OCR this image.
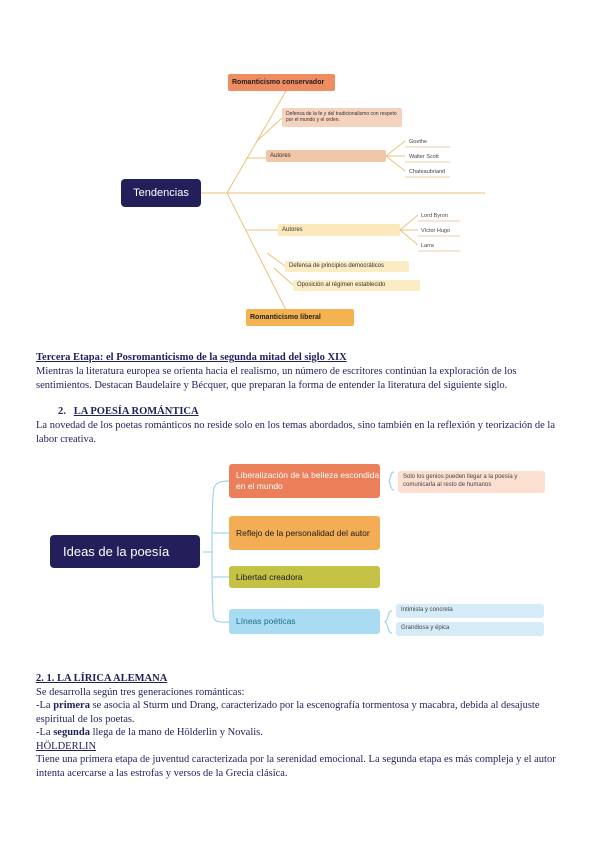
Tendencias
Romanticismo conservador
Defensa de la fe y del tradicionalismo con respeto por el mundo y el orden.
Autores
Goethe
Walter Scott
Chateaubriand
Autores
Lord Byron
Víctor Hugo
Larra
Defensa de principios democráticos
Oposición al régimen establecido
Romanticismo liberal
Tercera Etapa: el Posromanticismo de la segunda mitad del siglo XIX
Mientras la literatura europea se orienta hacia el realismo, un número de escritores continúan la exploración de los sentimientos. Destacan Baudelaire y Bécquer, que preparan la forma de entender la literatura del siguiente siglo.
2. LA POESÍA ROMÁNTICA
La novedad de los poetas románticos no reside solo en los temas abordados, sino también en la reflexión y teorización de la labor creativa.
Ideas de la poesía
Liberalización de la belleza escondida en el mundo
Reflejo de la personalidad del autor
Libertad creadora
Líneas poéticas
Solo los genios pueden llegar a la poesía y comunicarla al resto de humanos
Intimista y concreta
Grandiosa y épica
2. 1. LA LÍRICA ALEMANA
Se desarrolla según tres generaciones románticas:
-La primera se asocia al Sturm und Drang, caracterizado por la escenografía tormentosa y macabra, debida al desajuste espiritual de los poetas.
-La segunda llega de la mano de Hölderlin y Novalis.
HÖLDERLIN
Tiene una primera etapa de juventud caracterizada por la serenidad emocional. La segunda etapa es más compleja y el autor intenta acercarse a las estrofas y versos de la Grecia clásica.
